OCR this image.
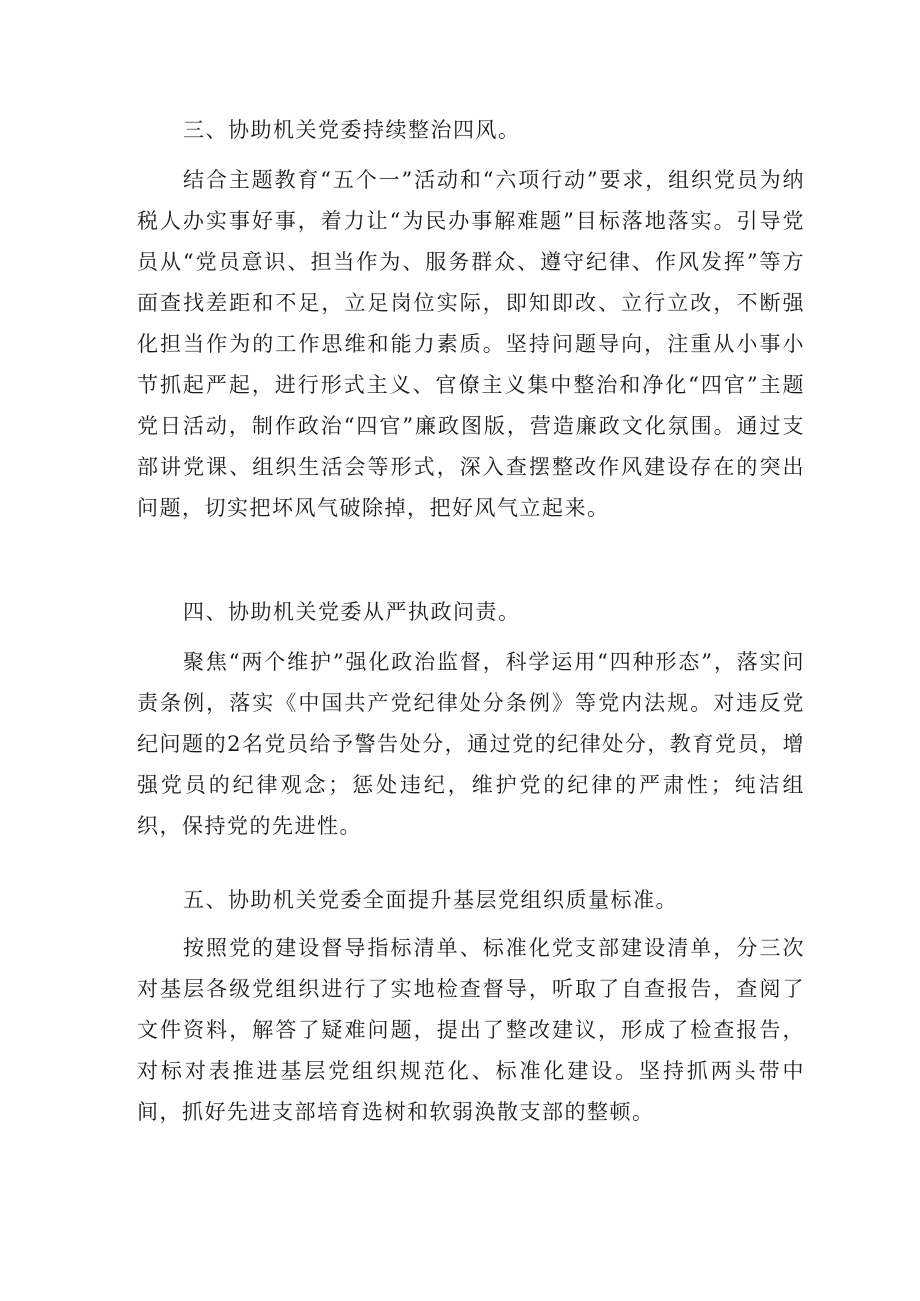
三、协助机关党委持续整治四风。

结合主题教育“五个一”活动和“六项行动”要求，组织党员为纳税人办实事好事，着力让“为民办事解难题”目标落地落实。引导党员从“党员意识、担当作为、服务群众、遵守纪律、作风发挥”等方面查找差距和不足，立足岗位实际，即知即改、立行立改，不断强化担当作为的工作思维和能力素质。坚持问题导向，注重从小事小节抓起严起，进行形式主义、官僚主义集中整治和净化“四官”主题党日活动，制作政治“四官”廉政图版，营造廉政文化氛围。通过支部讲党课、组织生活会等形式，深入查摆整改作风建设存在的突出问题，切实把坏风气破除掉，把好风气立起来。

四、协助机关党委从严执政问责。

聚焦“两个维护”强化政治监督，科学运用“四种形态”，落实问责条例，落实《中国共产党纪律处分条例》等党内法规。对违反党纪问题的2名党员给予警告处分，通过党的纪律处分，教育党员，增强党员的纪律观念；惩处违纪，维护党的纪律的严肃性；纯洁组织，保持党的先进性。

五、协助机关党委全面提升基层党组织质量标准。

按照党的建设督导指标清单、标准化党支部建设清单，分三次对基层各级党组织进行了实地检查督导，听取了自查报告，查阅了文件资料，解答了疑难问题，提出了整改建议，形成了检查报告，对标对表推进基层党组织规范化、标准化建设。坚持抓两头带中间，抓好先进支部培育选树和软弱涣散支部的整顿。
